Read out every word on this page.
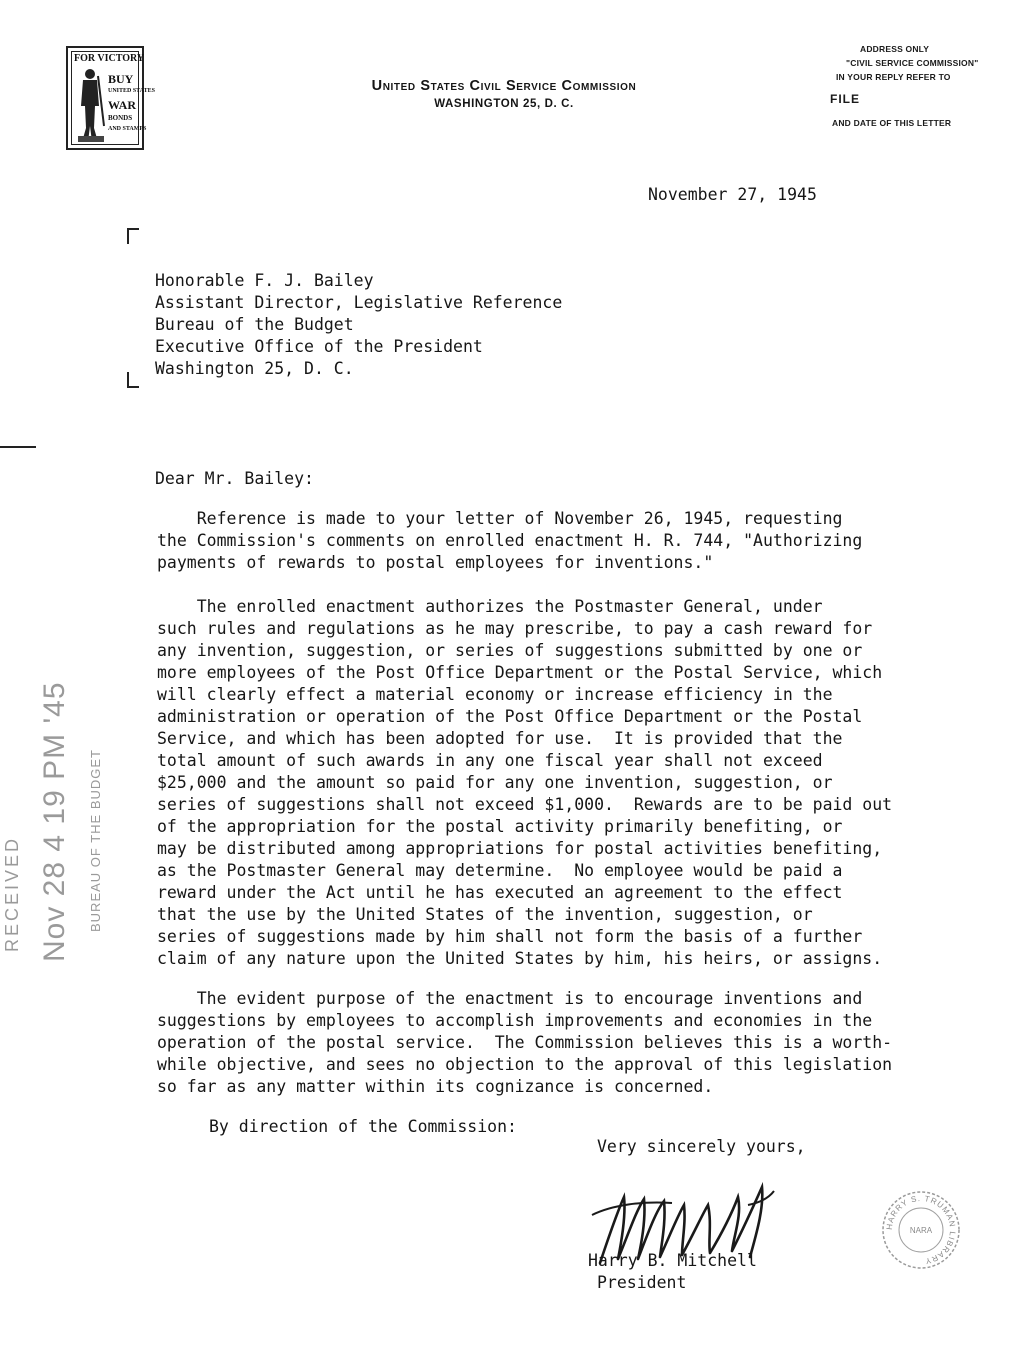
FOR VICTORY
BUY
UNITED STATES
WAR
BONDS
AND STAMPS
United States Civil Service Commission
WASHINGTON 25, D. C.
ADDRESS ONLY
"CIVIL SERVICE COMMISSION"
IN YOUR REPLY REFER TO
FILE
AND DATE OF THIS LETTER
November 27, 1945
Honorable F. J. Bailey
Assistant Director, Legislative Reference
Bureau of the Budget
Executive Office of the President
Washington 25, D. C.
Dear Mr. Bailey:
Reference is made to your letter of November 26, 1945, requesting
the Commission's comments on enrolled enactment H. R. 744, "Authorizing
payments of rewards to postal employees for inventions."
The enrolled enactment authorizes the Postmaster General, under
such rules and regulations as he may prescribe, to pay a cash reward for
any invention, suggestion, or series of suggestions submitted by one or
more employees of the Post Office Department or the Postal Service, which
will clearly effect a material economy or increase efficiency in the
administration or operation of the Post Office Department or the Postal
Service, and which has been adopted for use.  It is provided that the
total amount of such awards in any one fiscal year shall not exceed
$25,000 and the amount so paid for any one invention, suggestion, or
series of suggestions shall not exceed $1,000.  Rewards are to be paid out
of the appropriation for the postal activity primarily benefiting, or
may be distributed among appropriations for postal activities benefiting,
as the Postmaster General may determine.  No employee would be paid a
reward under the Act until he has executed an agreement to the effect
that the use by the United States of the invention, suggestion, or
series of suggestions made by him shall not form the basis of a further
claim of any nature upon the United States by him, his heirs, or assigns.
The evident purpose of the enactment is to encourage inventions and
suggestions by employees to accomplish improvements and economies in the
operation of the postal service.  The Commission believes this is a worth-
while objective, and sees no objection to the approval of this legislation
so far as any matter within its cognizance is concerned.
By direction of the Commission:
Very sincerely yours,
Harry B. Mitchell
President
RECEIVED Nov 28 4 19 PM '45 BUREAU OF THE BUDGET
HARRY S. TRUMAN LIBRARY
NARA
